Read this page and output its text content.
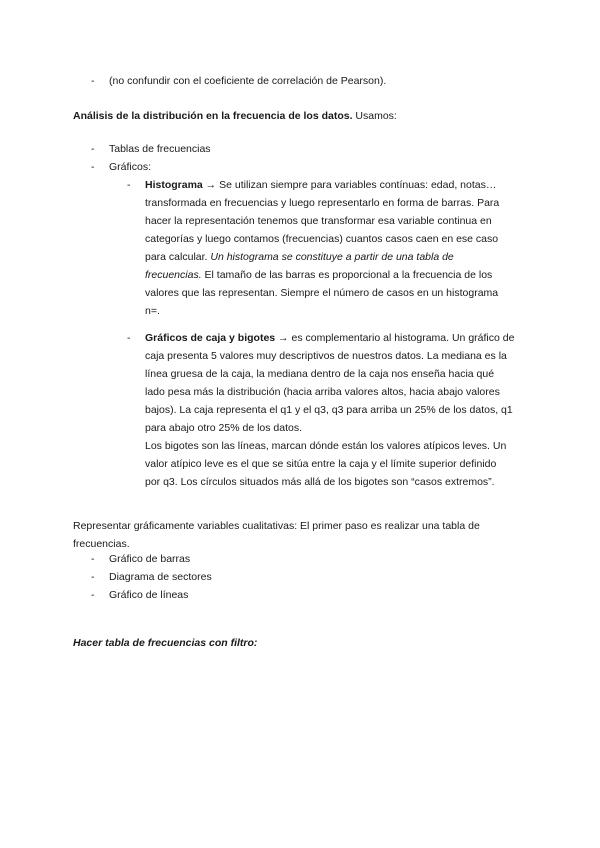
- (no confundir con el coeficiente de correlación de Pearson).
Análisis de la distribución en la frecuencia de los datos. Usamos:
- Tablas de frecuencias
- Gráficos:
- Histograma → Se utilizan siempre para variables contínuas: edad, notas…
transformada en frecuencias y luego representarlo en forma de barras. Para
hacer la representación tenemos que transformar esa variable continua en
categorías y luego contamos (frecuencias) cuantos casos caen en ese caso
para calcular. Un histograma se constituye a partir de una tabla de
frecuencias. El tamaño de las barras es proporcional a la frecuencia de los
valores que las representan. Siempre el número de casos en un histograma
n=.
- Gráficos de caja y bigotes → es complementario al histograma. Un gráfico de
caja presenta 5 valores muy descriptivos de nuestros datos. La mediana es la
línea gruesa de la caja, la mediana dentro de la caja nos enseña hacia qué
lado pesa más la distribución (hacia arriba valores altos, hacia abajo valores
bajos). La caja representa el q1 y el q3, q3 para arriba un 25% de los datos, q1
para abajo otro 25% de los datos.
Los bigotes son las líneas, marcan dónde están los valores atípicos leves. Un
valor atípico leve es el que se sitúa entre la caja y el límite superior definido
por q3. Los círculos situados más allá de los bigotes son “casos extremos”.
Representar gráficamente variables cualitativas: El primer paso es realizar una tabla de
frecuencias.
- Gráfico de barras
- Diagrama de sectores
- Gráfico de líneas
Hacer tabla de frecuencias con filtro:
